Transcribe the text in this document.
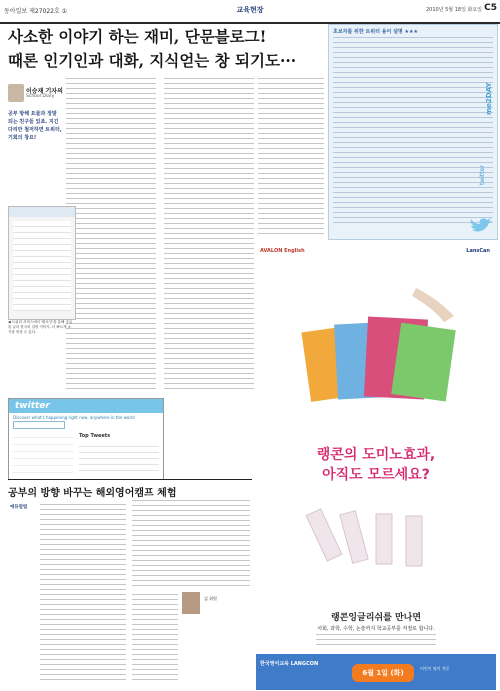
동아일보 제27022호 ①	교육현장	2010년 5월 18일 화요일 C5
사소한 이야기 하는 재미, 단문블로그!
때론 인기인과 대화, 지식얻는 창 되기도···
이승재 기자의
School Diary
공부 방해 요물과 정말 되는 친구들 있죠. 지긴다리만 철저하면 트위터, 기회의 창요!
◀ 트위터 서비스에서 '팔로잉'을 통해 공유된 글의 한국어 설명 이미지. 더 빠르게 소식을 얻을 수 있다.
초보자를 위한 트위터 용어 설명 ★★★
me2DAY
twitter
twitter
Discover what's happening right now, anywhere in the world
Top Tweets
공부의 방향 바꾸는 해외영어캠프 체험
에듀칼럼
김 위원
AVALON English	LansCan
랭콘의 도미노효과,
아직도 모르세요?
랭콘잉글리쉬를 만나면
사회, 과학, 수학, 논술까지 학교공부를 저절로 합니다.
한국영어교육 LANGCON
6월 1일 (화)
어린이 영어 전문
